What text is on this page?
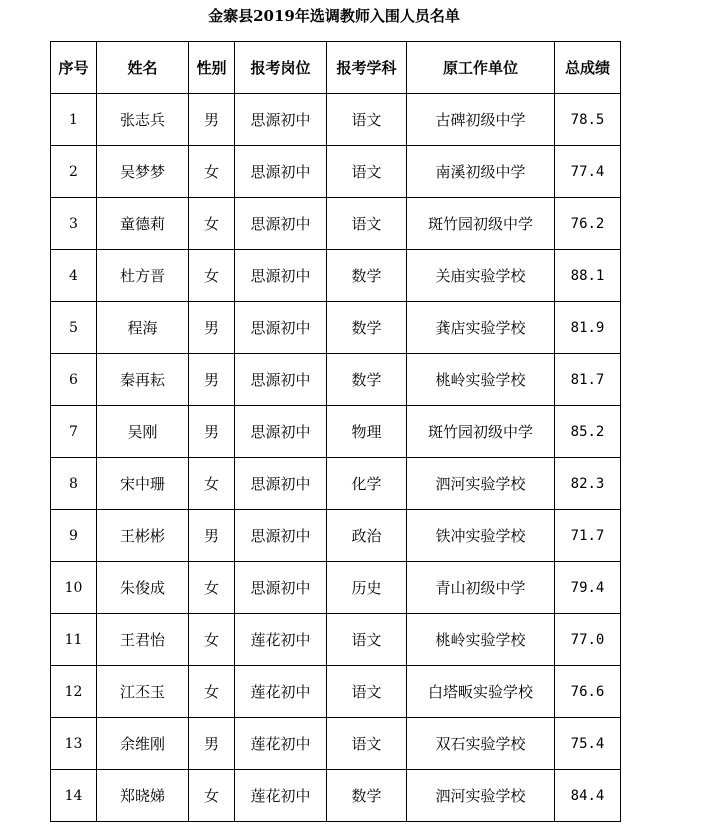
金寨县2019年选调教师入围人员名单
序号	姓名	性别	报考岗位	报考学科	原工作单位	总成绩
1	张志兵	男	思源初中	语文	古碑初级中学	78.5
2	吴梦梦	女	思源初中	语文	南溪初级中学	77.4
3	童德莉	女	思源初中	语文	斑竹园初级中学	76.2
4	杜方晋	女	思源初中	数学	关庙实验学校	88.1
5	程海	男	思源初中	数学	龚店实验学校	81.9
6	秦再耘	男	思源初中	数学	桃岭实验学校	81.7
7	吴刚	男	思源初中	物理	斑竹园初级中学	85.2
8	宋中珊	女	思源初中	化学	泗河实验学校	82.3
9	王彬彬	男	思源初中	政治	铁冲实验学校	71.7
10	朱俊成	女	思源初中	历史	青山初级中学	79.4
11	王君怡	女	莲花初中	语文	桃岭实验学校	77.0
12	江丕玉	女	莲花初中	语文	白塔畈实验学校	76.6
13	余维刚	男	莲花初中	语文	双石实验学校	75.4
14	郑晓娣	女	莲花初中	数学	泗河实验学校	84.4
